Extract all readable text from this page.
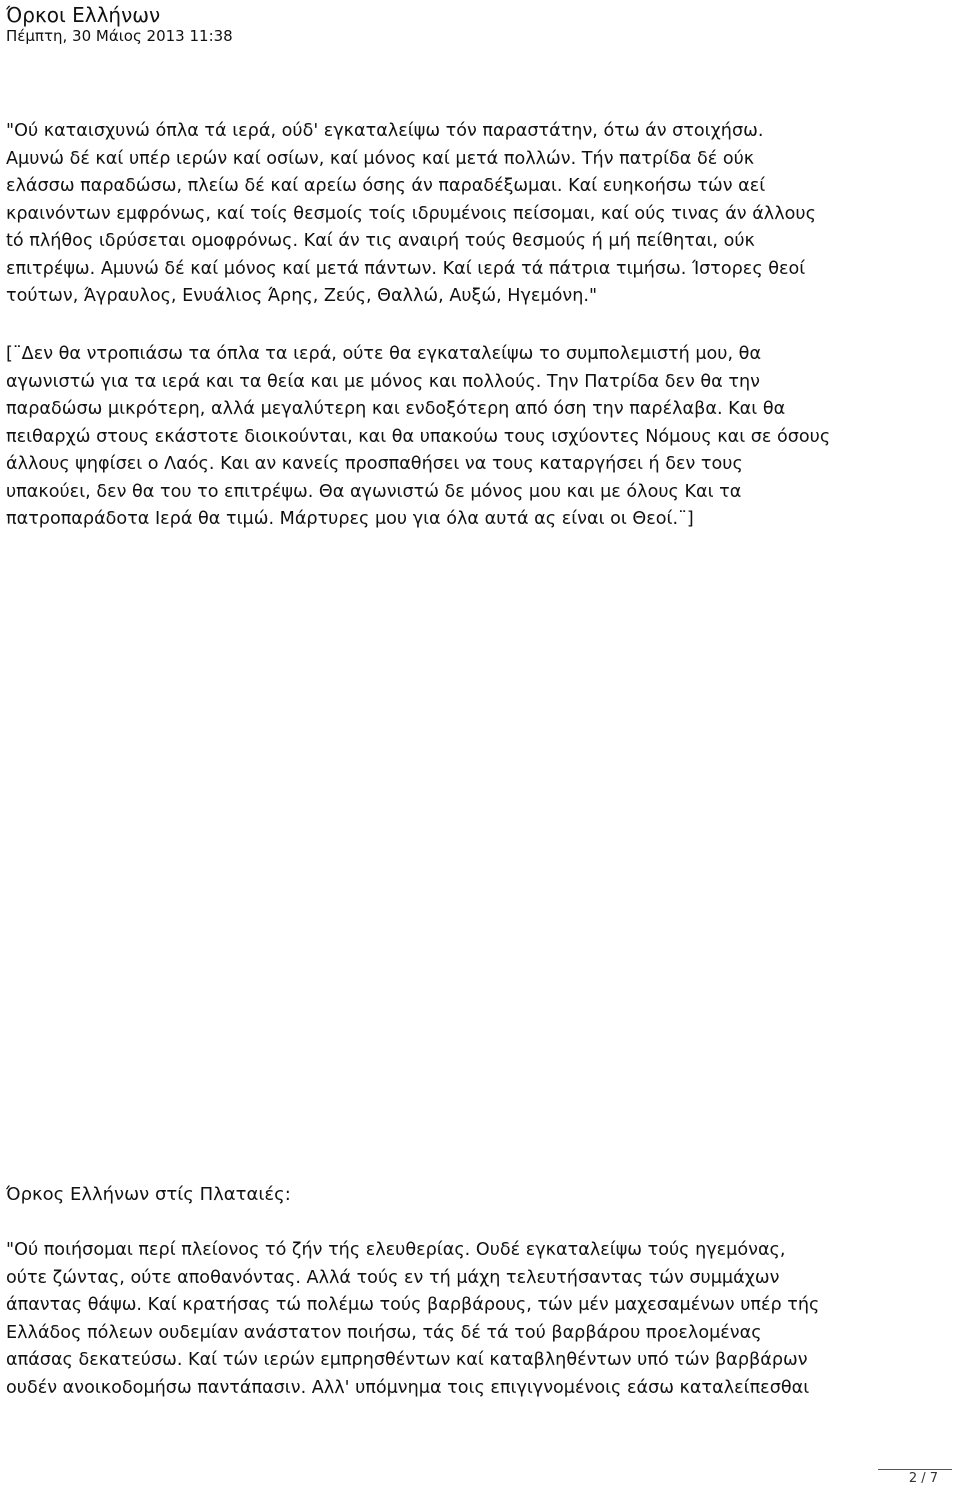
Όρκοι Ελλήνων
Πέμπτη, 30 Μάιος 2013 11:38

"Ού καταισχυνώ όπλα τά ιερά, ούδ' εγκαταλείψω τόν παραστάτην, ότω άν στοιχήσω.
Αμυνώ δέ καί υπέρ ιερών καί οσίων, καί μόνος καί μετά πολλών. Τήν πατρίδα δέ ούκ
ελάσσω παραδώσω, πλείω δέ καί αρείω όσης άν παραδέξωμαι. Καί ευηκοήσω τών αεί
κραινόντων εμφρόνως, καί τοίς θεσμοίς τοίς ιδρυμένοις πείσομαι, καί ούς τινας άν άλλους
tό πλήθος ιδρύσεται ομοφρόνως. Καί άν τις αναιρή τούς θεσμούς ή μή πείθηται, ούκ
επιτρέψω. Αμυνώ δέ καί μόνος καί μετά πάντων. Καί ιερά τά πάτρια τιμήσω. Ίστορες θεοί
τούτων, Άγραυλος, Ενυάλιος Άρης, Ζεύς, Θαλλώ, Αυξώ, Ηγεμόνη."

[¨Δεν θα ντροπιάσω τα όπλα τα ιερά, ούτε θα εγκαταλείψω το συμπολεμιστή μου, θα
αγωνιστώ για τα ιερά και τα θεία και με μόνος και πολλούς. Την Πατρίδα δεν θα την
παραδώσω μικρότερη, αλλά μεγαλύτερη και ενδοξότερη από όση την παρέλαβα. Και θα
πειθαρχώ στους εκάστοτε διοικούνται, και θα υπακούω τους ισχύοντες Νόμους και σε όσους
άλλους ψηφίσει ο Λαός. Και αν κανείς προσπαθήσει να τους καταργήσει ή δεν τους
υπακούει, δεν θα του το επιτρέψω. Θα αγωνιστώ δε μόνος μου και με όλους Και τα
πατροπαράδοτα Ιερά θα τιμώ. Μάρτυρες μου για όλα αυτά ας είναι οι Θεοί.¨]

Όρκος Ελλήνων στίς Πλαταιές:

"Ού ποιήσομαι περί πλείονος τό ζήν τής ελευθερίας. Ουδέ εγκαταλείψω τούς ηγεμόνας,
ούτε ζώντας, ούτε αποθανόντας. Αλλά τούς εν τή μάχη τελευτήσαντας τών συμμάχων
άπαντας θάψω. Καί κρατήσας τώ πολέμω τούς βαρβάρους, τών μέν μαχεσαμένων υπέρ τής
Ελλάδος πόλεων ουδεμίαν ανάστατον ποιήσω, τάς δέ τά τού βαρβάρου προελομένας
απάσας δεκατεύσω. Καί τών ιερών εμπρησθέντων καί καταβληθέντων υπό τών βαρβάρων
ουδέν ανοικοδομήσω παντάπασιν. Αλλ' υπόμνημα τοις επιγιγνομένοις εάσω καταλείπεσθαι

2 / 7
